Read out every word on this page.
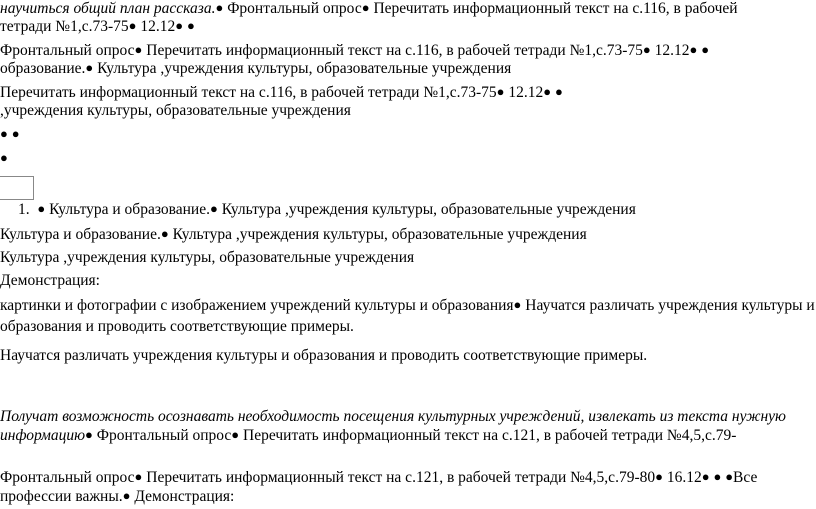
научиться общий план рассказа.● Фронтальный опрос● Перечитать информационный текст на с.116, в рабочей
тетради №1,с.73-75● 12.12● ●
Фронтальный опрос● Перечитать информационный текст на с.116, в рабочей тетради №1,с.73-75● 12.12● ●
образование.● Культура ,учреждения культуры, образовательные учреждения
Перечитать информационный текст на с.116, в рабочей тетради №1,с.73-75● 12.12● ●
,учреждения культуры, образовательные учреждения
● ●
●
1. ● Культура и образование.● Культура ,учреждения культуры, образовательные учреждения
Культура и образование.● Культура ,учреждения культуры, образовательные учреждения
Культура ,учреждения культуры, образовательные учреждения
Демонстрация:
картинки и фотографии с изображением учреждений культуры и образования● Научатся различать учреждения культуры и
образования и проводить соответствующие примеры.
Научатся различать учреждения культуры и образования и проводить соответствующие примеры.
Получат возможность осознавать необходимость посещения культурных учреждений, извлекать из текста нужную
информацию● Фронтальный опрос● Перечитать информационный текст на с.121, в рабочей тетради №4,5,с.79-
Фронтальный опрос● Перечитать информационный текст на с.121, в рабочей тетради №4,5,с.79-80● 16.12● ● ●Все
профессии важны.● Демонстрация:
